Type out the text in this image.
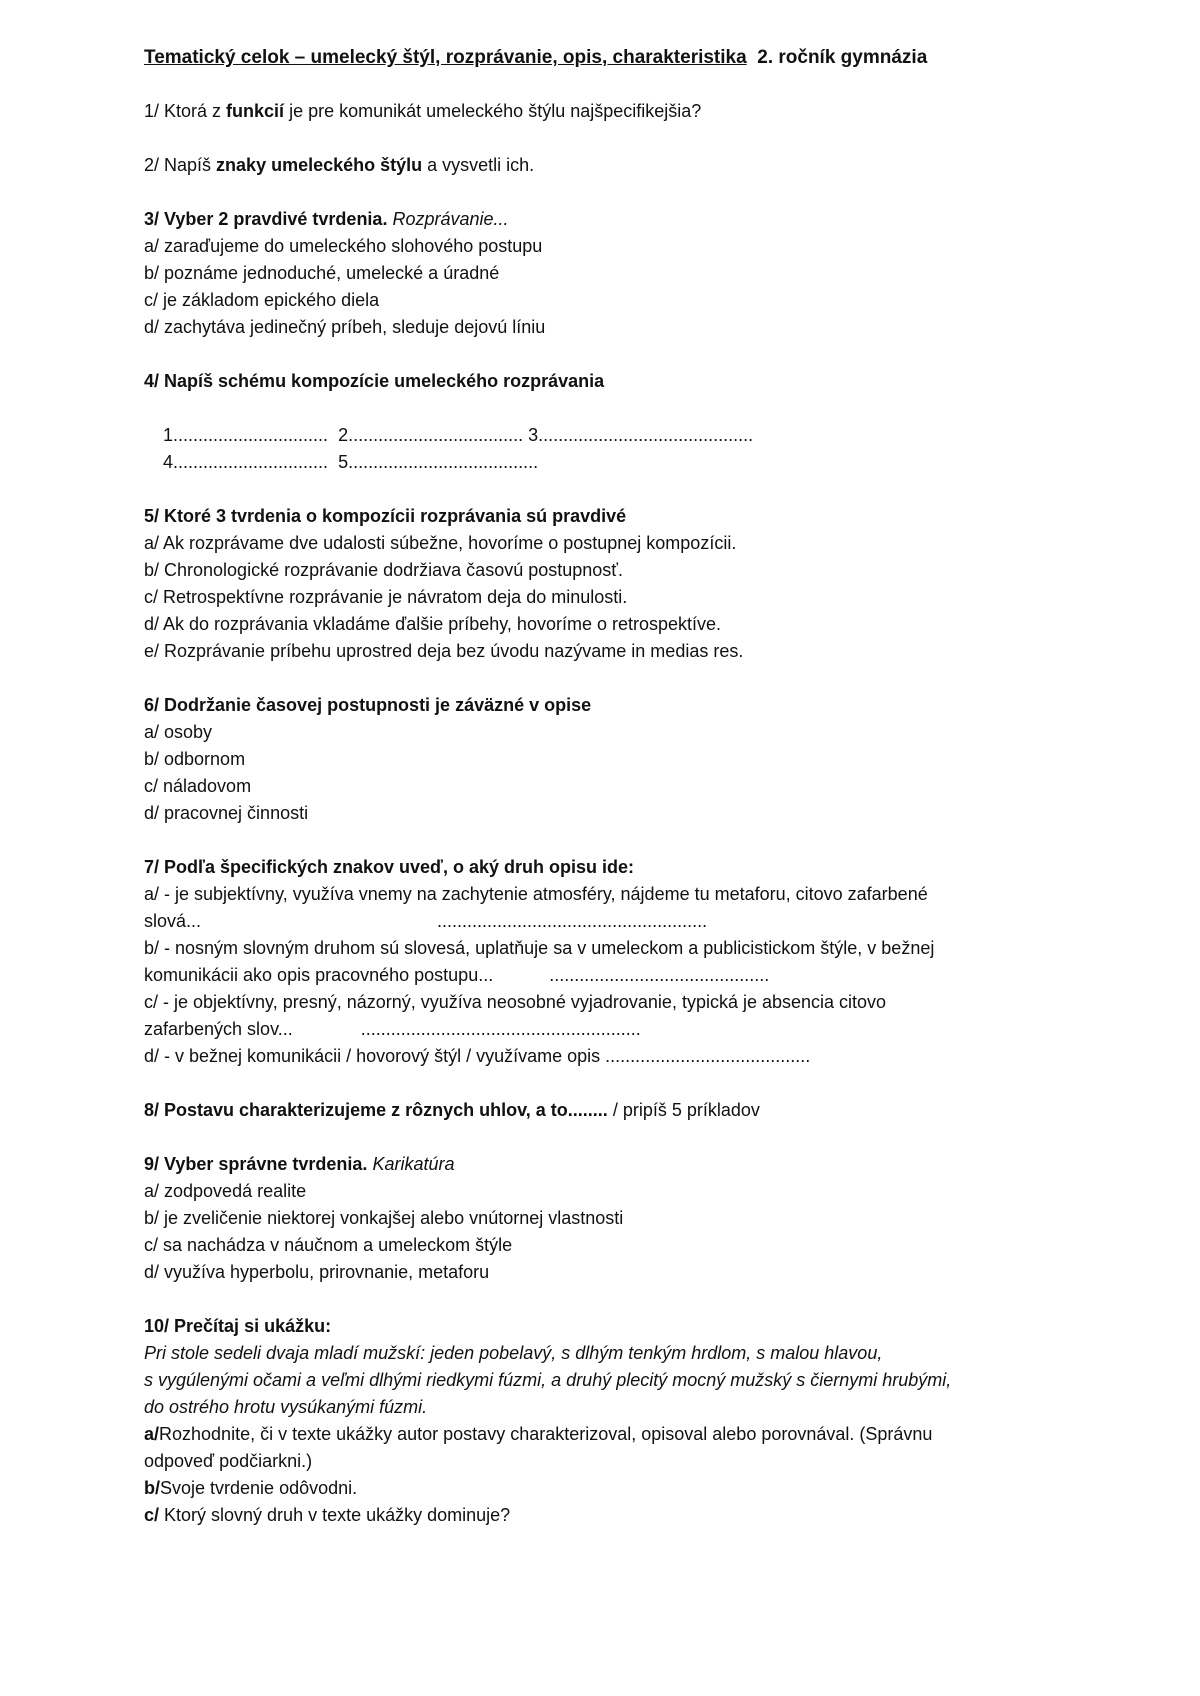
Tematický celok – umelecký štýl, rozprávanie, opis, charakteristika 2. ročník gymnázia
1/ Ktorá z funkcií je pre komunikát umeleckého štýlu najšpecifikejšia?
2/ Napíš znaky umeleckého štýlu a vysvetli ich.
3/ Vyber 2 pravdivé tvrdenia. Rozprávanie...
a/ zaraďujeme do umeleckého slohového postupu
b/ poznáme jednoduché, umelecké a úradné
c/ je základom epického diela
d/ zachytáva jedinečný príbeh, sleduje dejovú líniu
4/ Napíš schému kompozície umeleckého rozprávania

1............................... 2................................... 3...........................................
4............................... 5......................................
5/ Ktoré 3 tvrdenia o kompozícii rozprávania sú pravdivé
a/ Ak rozprávame dve udalosti súbežne, hovoríme o postupnej kompozícii.
b/ Chronologické rozprávanie dodržiava časovú postupnosť.
c/ Retrospektívne rozprávanie je návratom deja do minulosti.
d/ Ak do rozprávania vkladáme ďalšie príbehy, hovoríme o retrospektíve.
e/ Rozprávanie príbehu uprostred deja bez úvodu nazývame in medias res.
6/ Dodržanie časovej postupnosti je záväzné v opise
a/ osoby
b/ odbornom
c/ náladovom
d/ pracovnej činnosti
7/ Podľa špecifických znakov uveď, o aký druh opisu ide:
a/ - je subjektívny, využíva vnemy na zachytenie atmosféry, nájdeme tu metaforu, citovo zafarbené
slová...	......................................................
b/ - nosným slovným druhom sú slovesá, uplatňuje sa v umeleckom a publicistickom štýle, v bežnej
komunikácii ako opis pracovného postupu...	............................................
c/ - je objektívny, presný, názorný, využíva neosobné vyjadrovanie, typická je absencia citovo
zafarbených slov...	........................................................
d/ - v bežnej komunikácii / hovorový štýl / využívame opis .........................................
8/ Postavu charakterizujeme z rôznych uhlov, a to........ / pripíš 5 príkladov
9/ Vyber správne tvrdenia. Karikatúra
a/ zodpovedá realite
b/ je zveličenie niektorej vonkajšej alebo vnútornej vlastnosti
c/ sa nachádza v náučnom a umeleckom štýle
d/ využíva hyperbolu, prirovnanie, metaforu
10/ Prečítaj si ukážku:
Pri stole sedeli dvaja mladí mužskí: jeden pobelavý, s dlhým tenkým hrdlom, s malou hlavou,
s vygúlenými očami a veľmi dlhými riedkymi fúzmi, a druhý plecitý mocný mužský s čiernymi hrubými,
do ostrého hrotu vysúkanými fúzmi.
a/Rozhodnite, či v texte ukážky autor postavy charakterizoval, opisoval alebo porovnával. (Správnu
odpoveď podčiarkni.)
b/Svoje tvrdenie odôvodni.
c/ Ktorý slovný druh v texte ukážky dominuje?
